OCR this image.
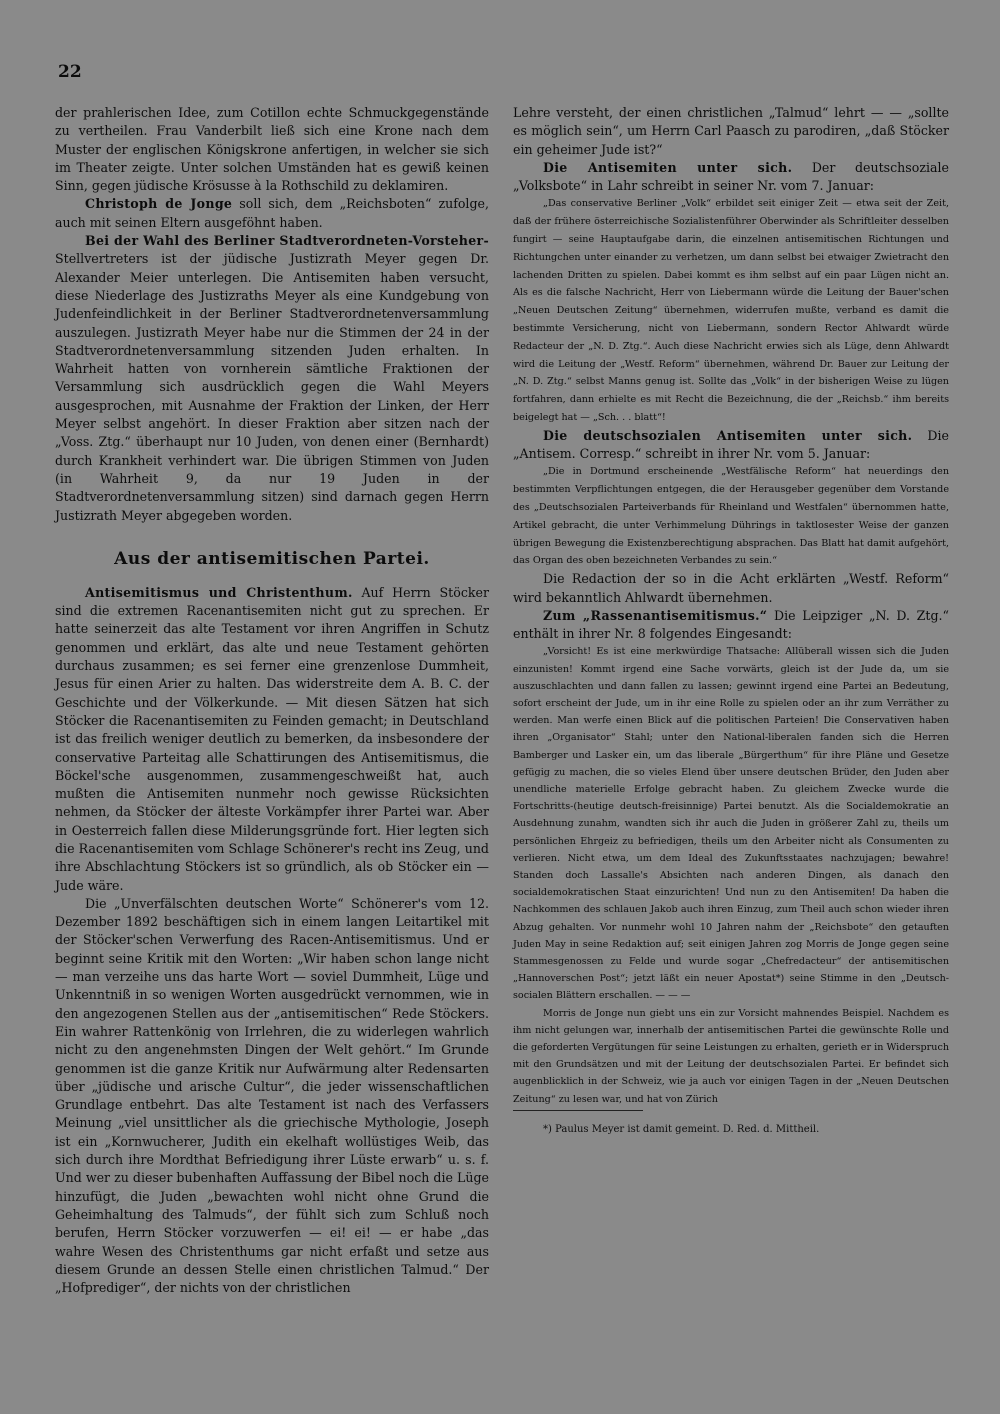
22

der prahlerischen Idee, zum Cotillon echte Schmuckgegenstände zu vertheilen. Frau Vanderbilt ließ sich eine Krone nach dem Muster der englischen Königskrone anfertigen, in welcher sie sich im Theater zeigte. Unter solchen Umständen hat es gewiß keinen Sinn, gegen jüdische Krösusse à la Rothschild zu deklamiren.

Christoph de Jonge soll sich, dem „Reichsboten“ zufolge, auch mit seinen Eltern ausgeföhnt haben.

Bei der Wahl des Berliner Stadtverordneten-Vorsteher-Stellvertreters ist der jüdische Justizrath Meyer gegen Dr. Alexander Meier unterlegen. Die Antisemiten haben versucht, diese Niederlage des Justizraths Meyer als eine Kundgebung von Judenfeindlichkeit in der Berliner Stadtverordnetenversammlung auszulegen. Justizrath Meyer habe nur die Stimmen der 24 in der Stadtverordnetenversammlung sitzenden Juden erhalten. In Wahrheit hatten von vornherein sämtliche Fraktionen der Versammlung sich ausdrücklich gegen die Wahl Meyers ausgesprochen, mit Ausnahme der Fraktion der Linken, der Herr Meyer selbst angehört. In dieser Fraktion aber sitzen nach der „Voss. Ztg.“ überhaupt nur 10 Juden, von denen einer (Bernhardt) durch Krankheit verhindert war. Die übrigen Stimmen von Juden (in Wahrheit 9, da nur 19 Juden in der Stadtverordnetenversammlung sitzen) sind darnach gegen Herrn Justizrath Meyer abgegeben worden.

Aus der antisemitischen Partei.

Antisemitismus und Christenthum. Auf Herrn Stöcker sind die extremen Racenantisemiten nicht gut zu sprechen. Er hatte seinerzeit das alte Testament vor ihren Angriffen in Schutz genommen und erklärt, das alte und neue Testament gehörten durchaus zusammen; es sei ferner eine grenzenlose Dummheit, Jesus für einen Arier zu halten. Das widerstreite dem A. B. C. der Geschichte und der Völkerkunde. — Mit diesen Sätzen hat sich Stöcker die Racenantisemiten zu Feinden gemacht; in Deutschland ist das freilich weniger deutlich zu bemerken, da insbesondere der conservative Parteitag alle Schattirungen des Antisemitismus, die Böckel'sche ausgenommen, zusammengeschweißt hat, auch mußten die Antisemiten nunmehr noch gewisse Rücksichten nehmen, da Stöcker der älteste Vorkämpfer ihrer Partei war. Aber in Oesterreich fallen diese Milderungsgründe fort. Hier legten sich die Racenantisemiten vom Schlage Schönerer's recht ins Zeug, und ihre Abschlachtung Stöckers ist so gründlich, als ob Stöcker ein — Jude wäre.

Die „Unverfälschten deutschen Worte“ Schönerer's vom 12. Dezember 1892 beschäftigen sich in einem langen Leitartikel mit der Stöcker'schen Verwerfung des Racen-Antisemitismus. Und er beginnt seine Kritik mit den Worten: „Wir haben schon lange nicht — man verzeihe uns das harte Wort — soviel Dummheit, Lüge und Unkenntniß in so wenigen Worten ausgedrückt vernommen, wie in den angezogenen Stellen aus der „antisemitischen“ Rede Stöckers. Ein wahrer Rattenkönig von Irrlehren, die zu widerlegen wahrlich nicht zu den angenehmsten Dingen der Welt gehört.“ Im Grunde genommen ist die ganze Kritik nur Aufwärmung alter Redensarten über „jüdische und arische Cultur“, die jeder wissenschaftlichen Grundlage entbehrt. Das alte Testament ist nach des Verfassers Meinung „viel unsittlicher als die griechische Mythologie, Joseph ist ein „Kornwucherer, Judith ein ekelhaft wollüstiges Weib, das sich durch ihre Mordthat Befriedigung ihrer Lüste erwarb“ u. s. f. Und wer zu dieser bubenhaften Auffassung der Bibel noch die Lüge hinzufügt, die Juden „bewachten wohl nicht ohne Grund die Geheimhaltung des Talmuds“, der fühlt sich zum Schluß noch berufen, Herrn Stöcker vorzuwerfen — ei! ei! — er habe „das wahre Wesen des Christenthums gar nicht erfaßt und setze aus diesem Grunde an dessen Stelle einen christlichen Talmud.“ Der „Hofprediger“, der nichts von der christlichen

Lehre versteht, der einen christlichen „Talmud“ lehrt — — „sollte es möglich sein“, um Herrn Carl Paasch zu parodiren, „daß Stöcker ein geheimer Jude ist?“

Die Antisemiten unter sich. Der deutschsoziale „Volksbote“ in Lahr schreibt in seiner Nr. vom 7. Januar:

„Das conservative Berliner „Volk“ erbildet seit einiger Zeit — etwa seit der Zeit, daß der frühere österreichische Sozialistenführer Oberwinder als Schriftleiter desselben fungirt — seine Hauptaufgabe darin, die einzelnen antisemitischen Richtungen und Richtungchen unter einander zu verhetzen, um dann selbst bei etwaiger Zwietracht den lachenden Dritten zu spielen. Dabei kommt es ihm selbst auf ein paar Lügen nicht an. Als es die falsche Nachricht, Herr von Liebermann würde die Leitung der Bauer'schen „Neuen Deutschen Zeitung“ übernehmen, widerrufen mußte, verband es damit die bestimmte Versicherung, nicht von Liebermann, sondern Rector Ahlwardt würde Redacteur der „N. D. Ztg.“. Auch diese Nachricht erwies sich als Lüge, denn Ahlwardt wird die Leitung der „Westf. Reform“ übernehmen, während Dr. Bauer zur Leitung der „N. D. Ztg.“ selbst Manns genug ist. Sollte das „Volk“ in der bisherigen Weise zu lügen fortfahren, dann erhielte es mit Recht die Bezeichnung, die der „Reichsb.“ ihm bereits beigelegt hat — „Sch. . . blatt“!

Die deutschsozialen Antisemiten unter sich. Die „Antisem. Corresp.“ schreibt in ihrer Nr. vom 5. Januar:

„Die in Dortmund erscheinende „Westfälische Reform“ hat neuerdings den bestimmten Verpflichtungen entgegen, die der Herausgeber gegenüber dem Vorstande des „Deutschsozialen Parteiverbands für Rheinland und Westfalen“ übernommen hatte, Artikel gebracht, die unter Verhimmelung Dührings in taktlosester Weise der ganzen übrigen Bewegung die Existenzberechtigung absprachen. Das Blatt hat damit aufgehört, das Organ des oben bezeichneten Verbandes zu sein.“

Die Redaction der so in die Acht erklärten „Westf. Reform“ wird bekanntlich Ahlwardt übernehmen.

Zum „Rassenantisemitismus.“ Die Leipziger „N. D. Ztg.“ enthält in ihrer Nr. 8 folgendes Eingesandt:

„Vorsicht! Es ist eine merkwürdige Thatsache: Allüberall wissen sich die Juden einzunisten! Kommt irgend eine Sache vorwärts, gleich ist der Jude da, um sie auszuschlachten und dann fallen zu lassen; gewinnt irgend eine Partei an Bedeutung, sofort erscheint der Jude, um in ihr eine Rolle zu spielen oder an ihr zum Verräther zu werden. Man werfe einen Blick auf die politischen Parteien! Die Conservativen haben ihren „Organisator“ Stahl; unter den National-liberalen fanden sich die Herren Bamberger und Lasker ein, um das liberale „Bürgerthum“ für ihre Pläne und Gesetze gefügig zu machen, die so vieles Elend über unsere deutschen Brüder, den Juden aber unendliche materielle Erfolge gebracht haben. Zu gleichem Zwecke wurde die Fortschritts-(heutige deutsch-freisinnige) Partei benutzt. Als die Socialdemokratie an Ausdehnung zunahm, wandten sich ihr auch die Juden in größerer Zahl zu, theils um persönlichen Ehrgeiz zu befriedigen, theils um den Arbeiter nicht als Consumenten zu verlieren. Nicht etwa, um dem Ideal des Zukunftsstaates nachzujagen; bewahre! Standen doch Lassalle's Absichten nach anderen Dingen, als danach den socialdemokratischen Staat einzurichten! Und nun zu den Antisemiten! Da haben die Nachkommen des schlauen Jakob auch ihren Einzug, zum Theil auch schon wieder ihren Abzug gehalten. Vor nunmehr wohl 10 Jahren nahm der „Reichsbote“ den getauften Juden May in seine Redaktion auf; seit einigen Jahren zog Morris de Jonge gegen seine Stammesgenossen zu Felde und wurde sogar „Chefredacteur“ der antisemitischen „Hannoverschen Post“; jetzt läßt ein neuer Apostat*) seine Stimme in den „Deutsch-socialen Blättern erschallen. — — —

Morris de Jonge nun giebt uns ein zur Vorsicht mahnendes Beispiel. Nachdem es ihm nicht gelungen war, innerhalb der antisemitischen Partei die gewünschte Rolle und die geforderten Vergütungen für seine Leistungen zu erhalten, gerieth er in Widerspruch mit den Grundsätzen und mit der Leitung der deutschsozialen Partei. Er befindet sich augenblicklich in der Schweiz, wie ja auch vor einigen Tagen in der „Neuen Deutschen Zeitung“ zu lesen war, und hat von Zürich

*) Paulus Meyer ist damit gemeint. D. Red. d. Mittheil.
